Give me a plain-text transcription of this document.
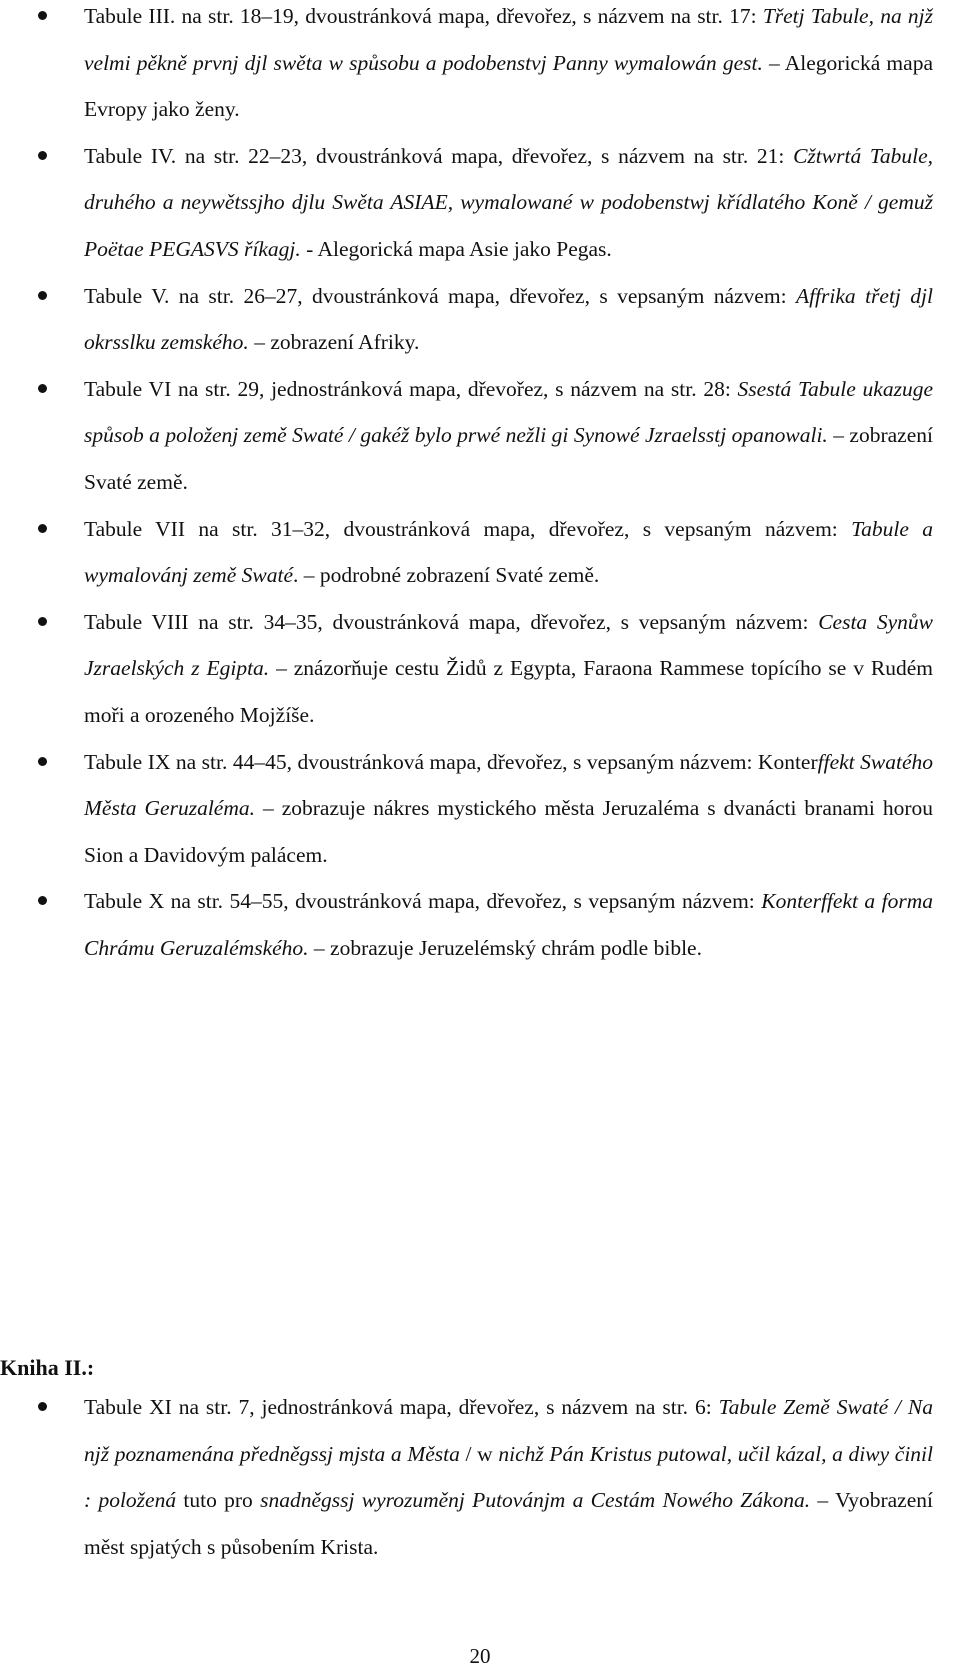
Tabule III. na str. 18–19, dvoustránková mapa, dřevořez, s názvem na str. 17: Třetj Tabule, na njž velmi pěkně prvnj djl swěta w spůsobu a podobenstvj Panny wymalowán gest. – Alegorická mapa Evropy jako ženy.
Tabule IV. na str. 22–23, dvoustránková mapa, dřevořez, s názvem na str. 21: Cžtwrtá Tabule, druhého a neywětssjho djlu Swěta ASIAE, wymalowané w podobenstwj křídlatého Koně / gemuž Poëtae PEGASVS říkagj. - Alegorická mapa Asie jako Pegas.
Tabule V. na str. 26–27, dvoustránková mapa, dřevořez, s vepsaným názvem: Affrika třetj djl okrsslku zemského. – zobrazení Afriky.
Tabule VI na str. 29, jednostránková mapa, dřevořez, s názvem na str. 28: Ssestá Tabule ukazuge spůsob a položenj země Swaté / gakéž bylo prwé nežli gi Synowé Jzraelsstj opanowali. – zobrazení Svaté země.
Tabule VII na str. 31–32, dvoustránková mapa, dřevořez, s vepsaným názvem: Tabule a wymalovánj země Swaté. – podrobné zobrazení Svaté země.
Tabule VIII na str. 34–35, dvoustránková mapa, dřevořez, s vepsaným názvem: Cesta Synůw Jzraelských z Egipta. – znázorňuje cestu Židů z Egypta, Faraona Rammese topícího se v Rudém moři a orozeného Mojžíše.
Tabule IX na str. 44–45, dvoustránková mapa, dřevořez, s vepsaným názvem: Konterffekt Swatého Města Geruzaléma. – zobrazuje nákres mystického města Jeruzaléma s dvanácti branami horou Sion a Davidovým palácem.
Tabule X na str. 54–55, dvoustránková mapa, dřevořez, s vepsaným názvem: Konterffekt a forma Chrámu Geruzalémského. – zobrazuje Jeruzelémský chrám podle bible.
Kniha II.:
Tabule XI na str. 7, jednostránková mapa, dřevořez, s názvem na str. 6: Tabule Země Swaté / Na njž poznamenána předněgssj mjsta a Města / w nichž Pán Kristus putowal, učil kázal, a diwy činil : položená tuto pro snadněgssj wyrozuměnj Putovánjm a Cestám Nowého Zákona. – Vyobrazení měst spjatých s působením Krista.
20
